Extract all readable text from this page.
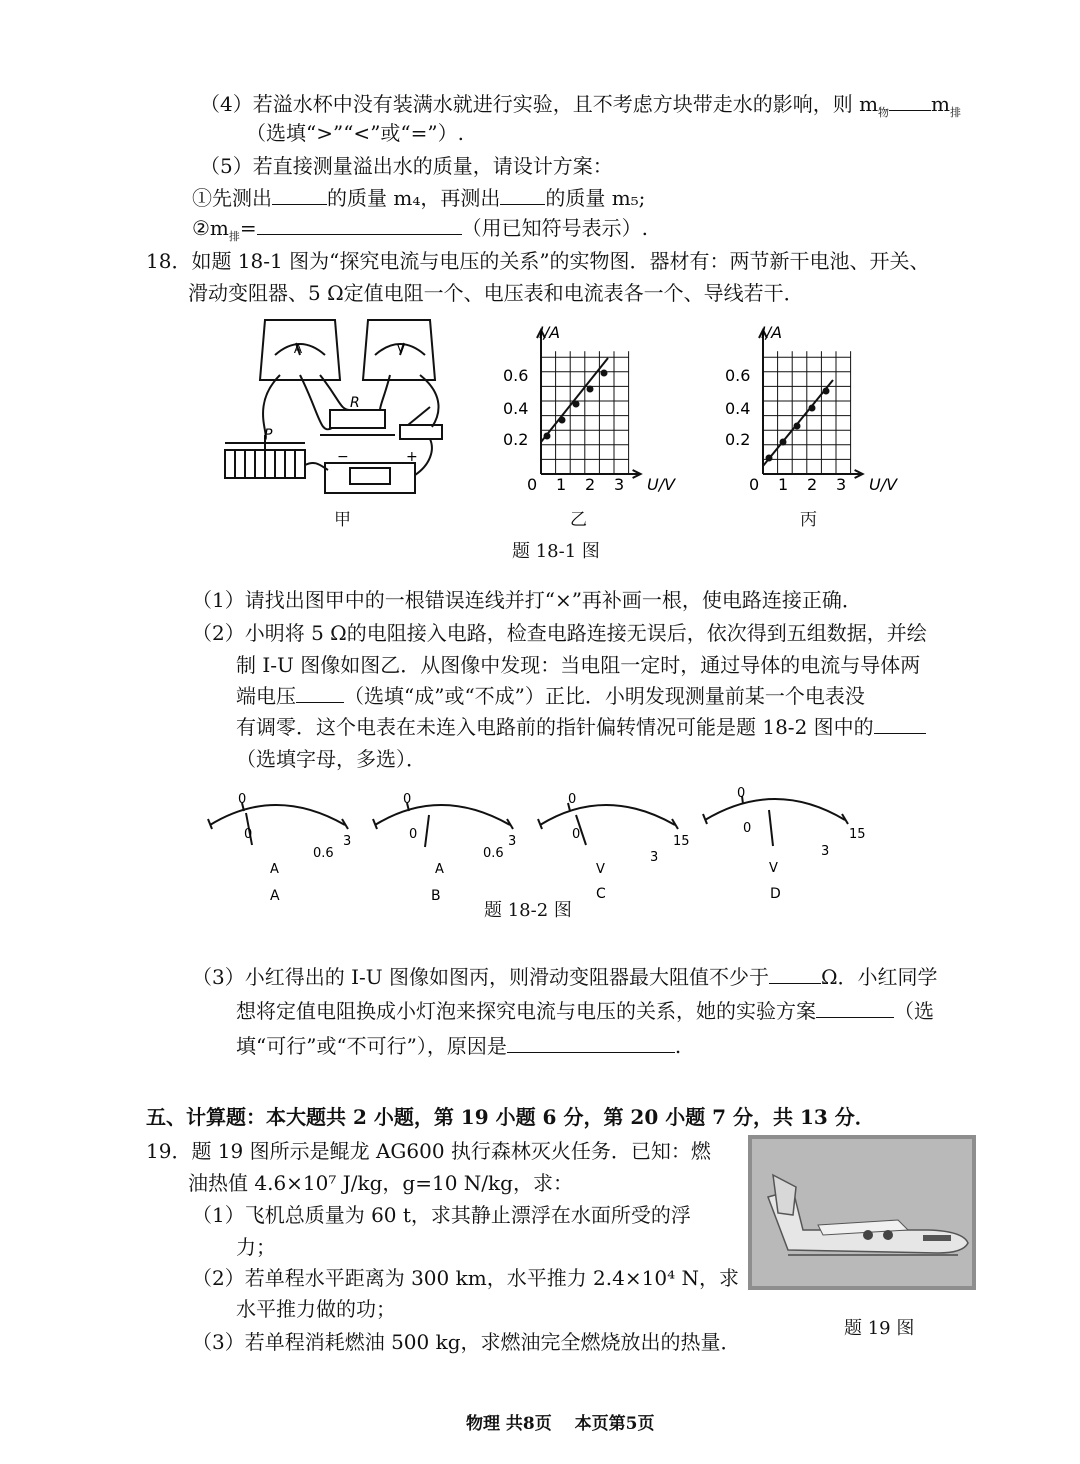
（4）若溢水杯中没有装满水就进行实验，且不考虑方块带走水的影响，则 $m_物$ $m_排$
（选填“>”“<”或“=”）.
（5）若直接测量溢出水的质量，请设计方案：
①先测出	的质量 m₄，再测出 的质量 m₅;
$②m_排=$	（用已知符号表示）.
18．如题 18-1 图为“探究电流与电压的关系”的实物图．器材有：两节新干电池、开关、
滑动变阻器、5 Ω定值电阻一个、电压表和电流表各一个、导线若干．
A	V
R
P
−	+
甲
I/A
U/V
0.6
0.4
0.2
0 1 2 3
乙
I/A
U/V
0.6
0.4
0.2
0 1 2 3
丙
题 18-1 图
（1）请找出图甲中的一根错误连线并打“×”再补画一根，使电路连接正确．
（2）小明将 5 Ω的电阻接入电路，检查电路连接无误后，依次得到五组数据，并绘
制 I-U 图像如图乙．从图像中发现：当电阻一定时，通过导体的电流与导体两
端电压 （选填“成”或“不成”）正比．小明发现测量前某一个电表没
有调零．这个电表在未连入电路前的指针偏转情况可能是题 18-2 图中的
（选填字母，多选）．
0
0
0.6
3
A
A
0
0
0.6
3
A
B
0
0
3
15
V
C
0
0
3
15
V
D
题 18-2 图
（3）小红得出的 I-U 图像如图丙，则滑动变阻器最大阻值不少于	Ω．小红同学
想将定值电阻换成小灯泡来探究电流与电压的关系，她的实验方案	（选
填“可行”或“不可行”），原因是	.
五、计算题：本大题共 2 小题，第 19 小题 6 分，第 20 小题 7 分，共 13 分．
19．题 19 图所示是鲲龙 AG600 执行森林灭火任务．已知：燃
油热值 4.6×10⁷ J/kg，g=10 N/kg，求：
（1）飞机总质量为 60 t，求其静止漂浮在水面所受的浮
力；
（2）若单程水平距离为 300 km，水平推力 2.4×10⁴ N，求
水平推力做的功；
（3）若单程消耗燃油 500 kg，求燃油完全燃烧放出的热量．
题 19 图
物理 共8页　 本页第5页
